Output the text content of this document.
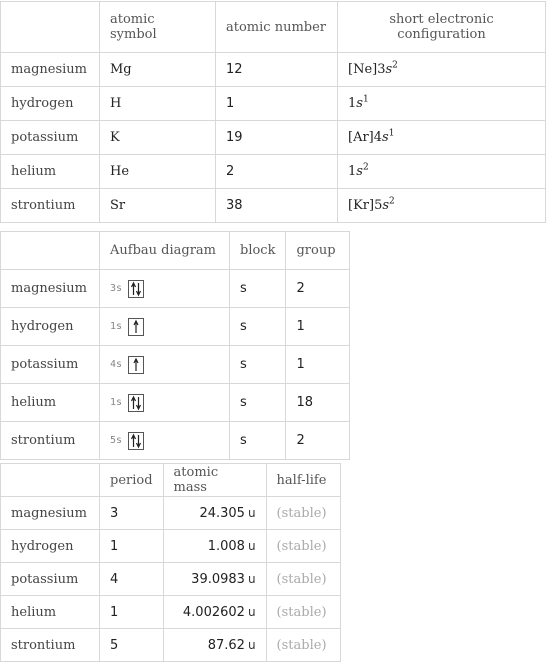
	atomic symbol	atomic number	short electronic configuration
magnesium	Mg	12	$[Ne]3s^2$
hydrogen	H	1	$1s^1$
potassium	K	19	$[Ar]4s^1$
helium	He	2	$1s^2$
strontium	Sr	38	$[Kr]5s^2$
	Aufbau diagram	block	group
magnesium	3s	s	2
hydrogen	1s	s	1
potassium	4s	s	1
helium	1s	s	18
strontium	5s	s	2
	period	atomic mass	half-life
magnesium	3	24.305 u	(stable)
hydrogen	1	1.008 u	(stable)
potassium	4	39.0983 u	(stable)
helium	1	4.002602 u	(stable)
strontium	5	87.62 u	(stable)
